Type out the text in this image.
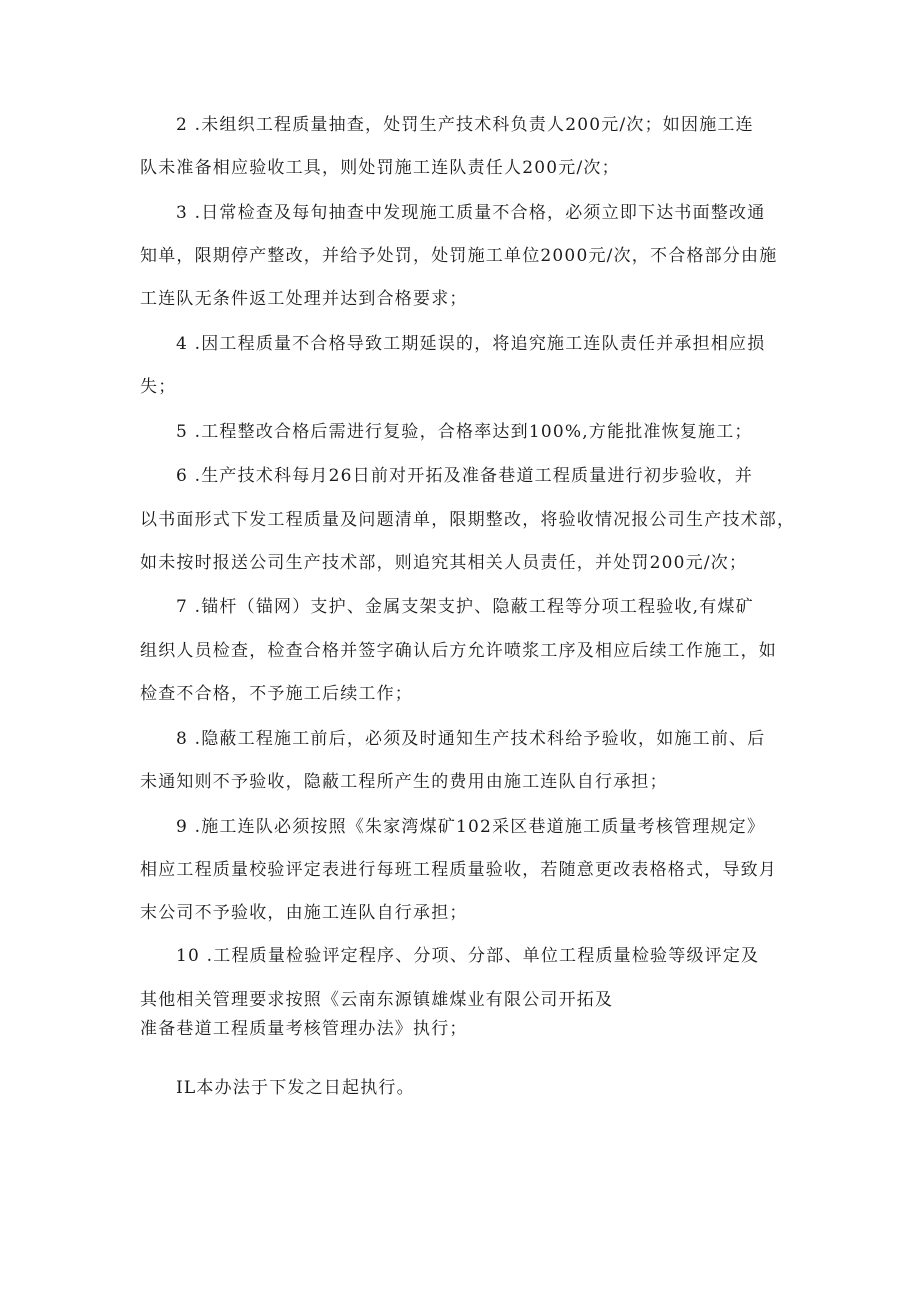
2 .未组织工程质量抽查，处罚生产技术科负责人200元/次；如因施工连
队未准备相应验收工具，则处罚施工连队责任人200元/次；
3 .日常检查及每旬抽查中发现施工质量不合格，必须立即下达书面整改通
知单，限期停产整改，并给予处罚，处罚施工单位2000元/次，不合格部分由施
工连队无条件返工处理并达到合格要求；
4 .因工程质量不合格导致工期延误的，将追究施工连队责任并承担相应损
失；
5 .工程整改合格后需进行复验，合格率达到100%,方能批准恢复施工；
6 .生产技术科每月26日前对开拓及准备巷道工程质量进行初步验收，并
以书面形式下发工程质量及问题清单，限期整改，将验收情况报公司生产技术部，
如未按时报送公司生产技术部，则追究其相关人员责任，并处罚200元/次；
7 .锚杆（锚网）支护、金属支架支护、隐蔽工程等分项工程验收,有煤矿
组织人员检查，检查合格并签字确认后方允许喷浆工序及相应后续工作施工，如
检查不合格，不予施工后续工作；
8 .隐蔽工程施工前后，必须及时通知生产技术科给予验收，如施工前、后
未通知则不予验收，隐蔽工程所产生的费用由施工连队自行承担；
9 .施工连队必须按照《朱家湾煤矿102采区巷道施工质量考核管理规定》
相应工程质量校验评定表进行每班工程质量验收，若随意更改表格格式，导致月
末公司不予验收，由施工连队自行承担；
10 .工程质量检验评定程序、分项、分部、单位工程质量检验等级评定及
其他相关管理要求按照《云南东源镇雄煤业有限公司开拓及
准备巷道工程质量考核管理办法》执行；
IL本办法于下发之日起执行。
